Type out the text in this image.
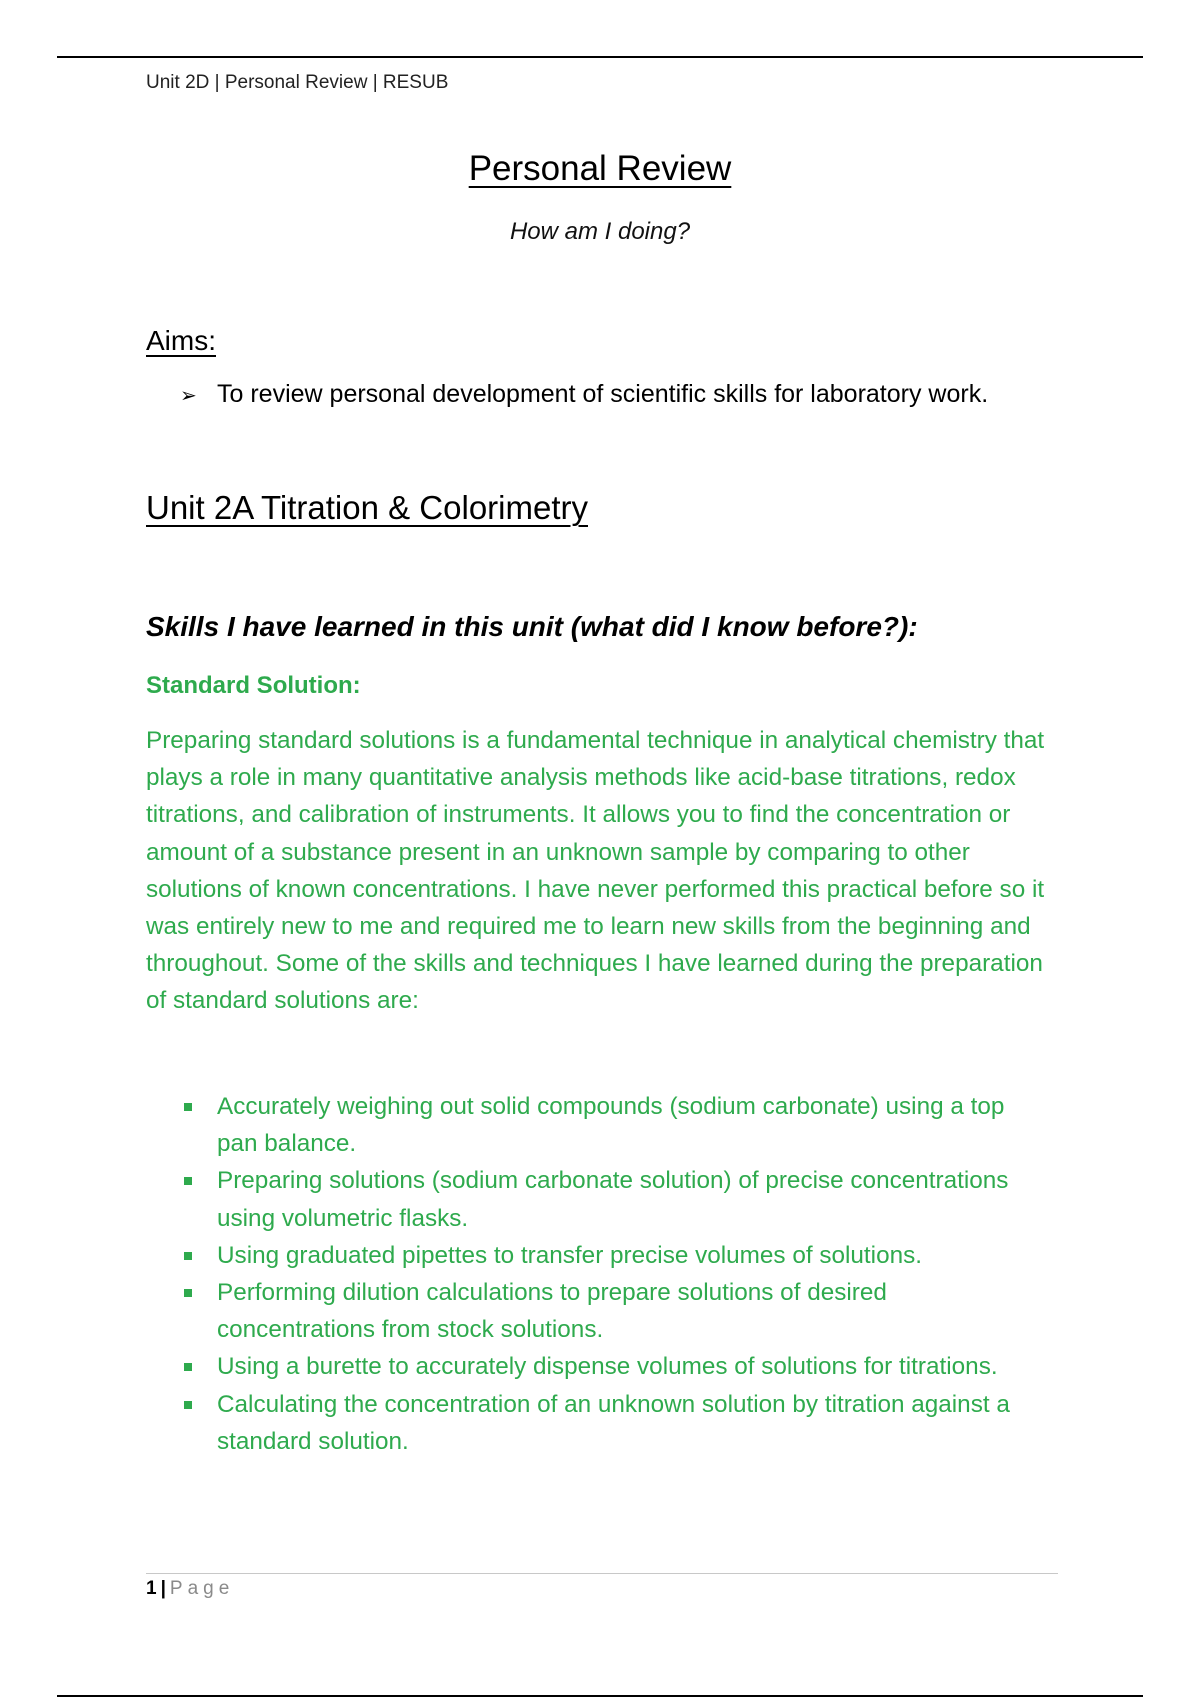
Unit 2D | Personal Review | RESUB
Personal Review
How am I doing?
Aims:
➢ To review personal development of scientific skills for laboratory work.
Unit 2A Titration & Colorimetry
Skills I have learned in this unit (what did I know before?):
Standard Solution:

Preparing standard solutions is a fundamental technique in analytical chemistry that plays a role in many quantitative analysis methods like acid-base titrations, redox titrations, and calibration of instruments. It allows you to find the concentration or amount of a substance present in an unknown sample by comparing to other solutions of known concentrations. I have never performed this practical before so it was entirely new to me and required me to learn new skills from the beginning and throughout. Some of the skills and techniques I have learned during the preparation of standard solutions are:

Accurately weighing out solid compounds (sodium carbonate) using a top pan balance.
Preparing solutions (sodium carbonate solution) of precise concentrations using volumetric flasks.
Using graduated pipettes to transfer precise volumes of solutions.
Performing dilution calculations to prepare solutions of desired concentrations from stock solutions.
Using a burette to accurately dispense volumes of solutions for titrations.
Calculating the concentration of an unknown solution by titration against a standard solution.
1 | Page
